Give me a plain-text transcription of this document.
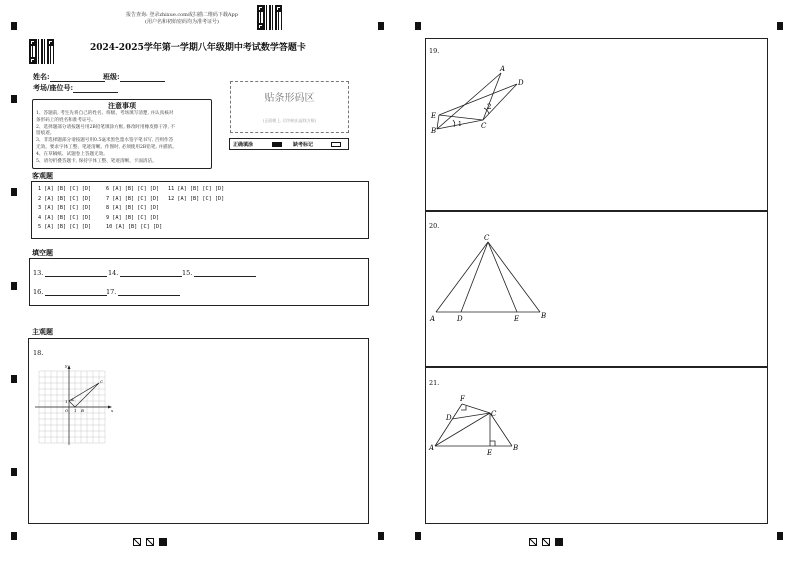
报告查询: 登录zhixue.com或扫描二维码下载App
(用户名和初始密码均为准考证号)
2024-2025学年第一学期八年级期中考试数学答题卡
姓名:	班级:
考场/座位号:
注意事项
1、答题前, 考生先将自己的姓名、班级、考场填写清楚, 并认真核对
条形码上的姓名和准考证号。
2、选择题部分请按题号用2B铅笔填涂方框, 修改时用橡皮擦干净, 不
留痕迹。
3、非选择题部分请按题号用0.5毫米黑色墨水签字笔书写, 否则作答
无效。要求字体工整、笔迹清晰。作图时, 必须使用2B铅笔, 并描浓。
4、在草稿纸、试题卷上答题无效。
5、请勿折叠答题卡, 保持字体工整、笔迹清晰、卡面清洁。
贴条形码区
(正面朝上, 切勿贴出虚线方框)
正确填涂	缺考标记
客观题
1 [A] [B] [C] [D]	6 [A] [B] [C] [D] 11 [A] [B] [C] [D]
2 [A] [B] [C] [D]	7 [A] [B] [C] [D] 12 [A] [B] [C] [D]
3 [A] [B] [C] [D]	8 [A] [B] [C] [D]
4 [A] [B] [C] [D]	9 [A] [B] [C] [D]
5 [A] [B] [C] [D]	10 [A] [B] [C] [D]
填空题
13.	14.	15.
16.	17.
主观题
18.
y
x
O
1
1
A
B
C

19.
A
B
C
D
E
1
2
20.
C
A	B
D	E
21.
F
D	C
A	B
E
